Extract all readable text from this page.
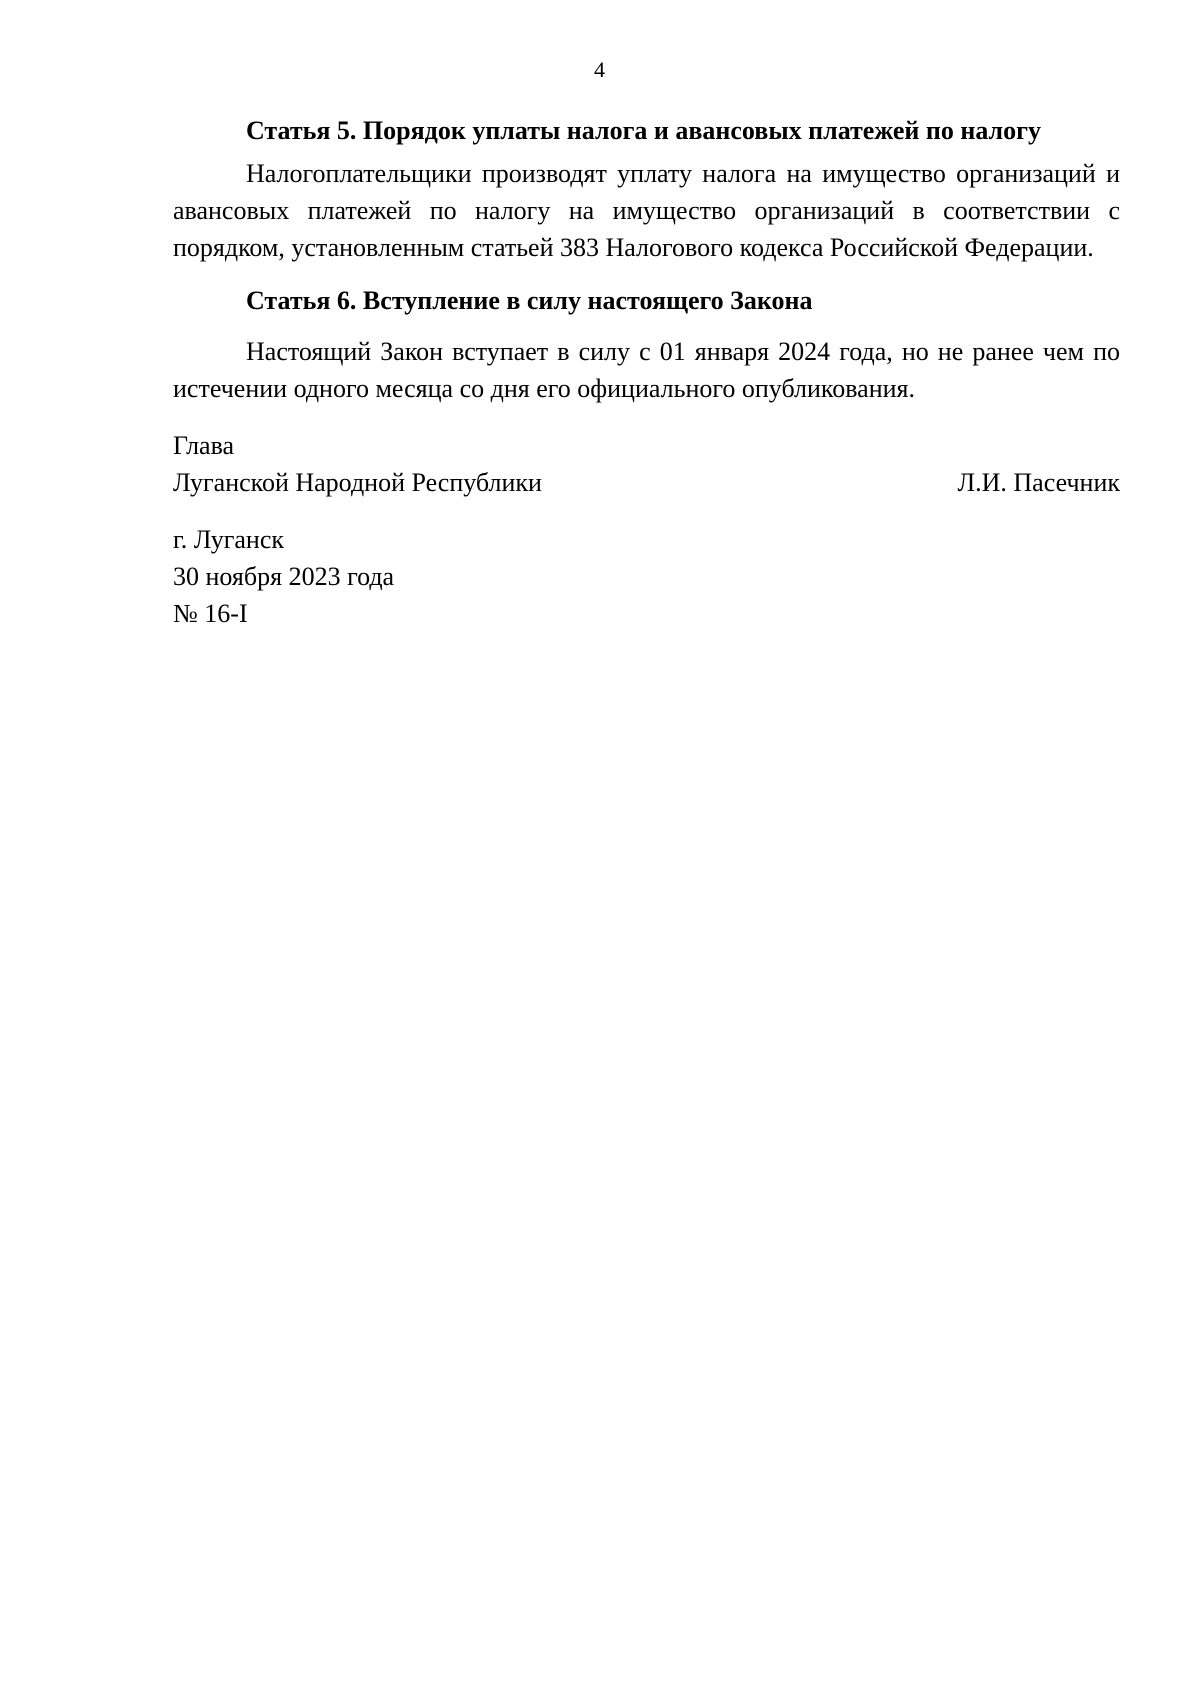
4

Статья 5. Порядок уплаты налога и авансовых платежей по налогу

Налогоплательщики производят уплату налога на имущество организаций и авансовых платежей по налогу на имущество организаций в соответствии с порядком, установленным статьей 383 Налогового кодекса Российской Федерации.

Статья 6. Вступление в силу настоящего Закона

Настоящий Закон вступает в силу с 01 января 2024 года, но не ранее чем по истечении одного месяца со дня его официального опубликования.

Глава

Луганской Народной Республики	Л.И. Пасечник

г. Луганск

30 ноября 2023 года

№ 16-I
